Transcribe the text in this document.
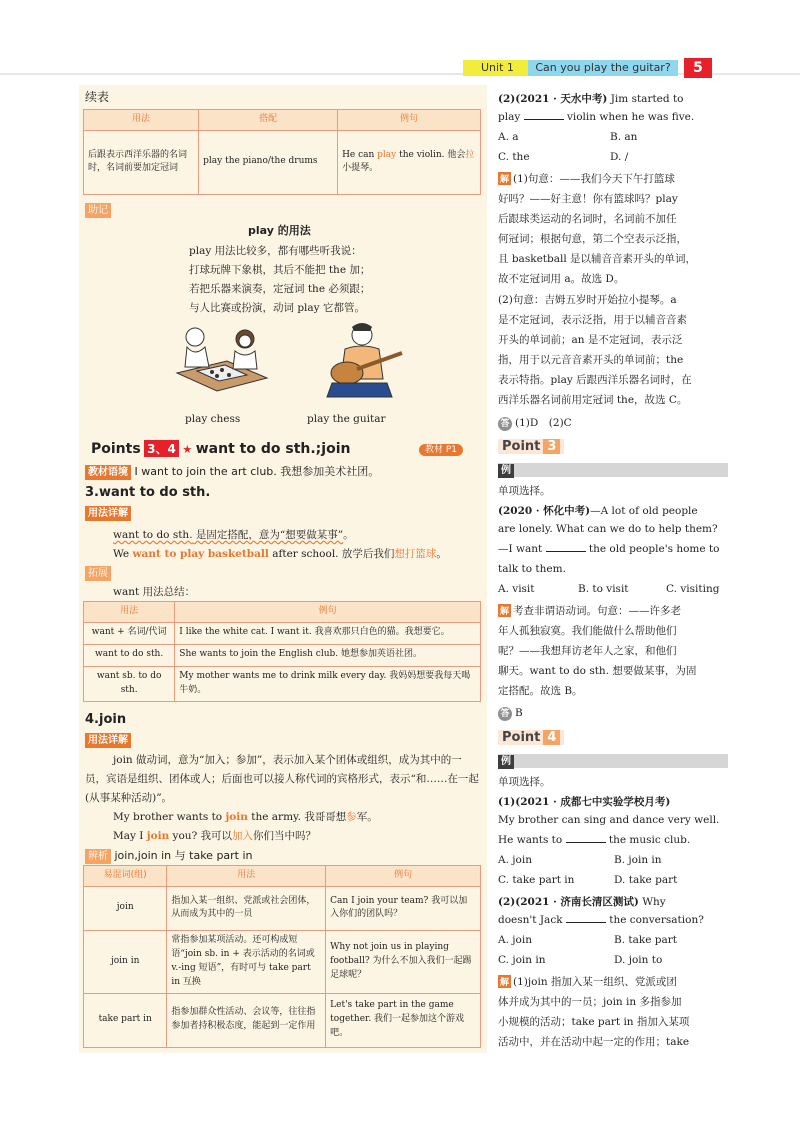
Unit 1	Can you play the guitar?	5
续表
用法	搭配	例句
后跟表示西洋乐器的名词时，名词前要加定冠词	play the piano/the drums	He can play the violin. 他会拉小提琴。
助记
play 的用法
play 用法比较多，都有哪些听我说：
打球玩牌下象棋，其后不能把 the 加；
若把乐器来演奏，定冠词 the 必须跟；
与人比赛或扮演，动词 play 它都管。
play chess	play the guitar
Points 3、4 ★ want to do sth.;join	教材 P1
教材语境 I want to join the art club. 我想参加美术社团。
3.want to do sth.
用法详解
want to do sth. 是固定搭配，意为“想要做某事”。
We want to play basketball after school. 放学后我们想打篮球。
拓展
want 用法总结：
用法	例句
want + 名词/代词	I like the white cat. I want it. 我喜欢那只白色的猫。我想要它。
want to do sth.	She wants to join the English club. 她想参加英语社团。
want sb. to do sth.	My mother wants me to drink milk every day. 我妈妈想要我每天喝牛奶。
4.join
用法详解
join 做动词，意为“加入；参加”，表示加入某个团体或组织，成为其中的一员，宾语是组织、团体或人；后面也可以接人称代词的宾格形式，表示“和……在一起(从事某种活动)”。
My brother wants to join the army. 我哥哥想参军。
May I join you? 我可以加入你们当中吗？
辨析 join,join in 与 take part in
易混词(组)	用法	例句
join	指加入某一组织、党派或社会团体，从而成为其中的一员	Can I join your team? 我可以加入你们的团队吗？
join in	常指参加某项活动。还可构成短语“join sb. in + 表示活动的名词或 v.-ing 短语”，有时可与 take part in 互换	Why not join us in playing football? 为什么不加入我们一起踢足球呢？
take part in	指参加群众性活动、会议等，往往指参加者持积极态度，能起到一定作用	Let's take part in the game together. 我们一起参加这个游戏吧。
(2)(2021 · 天水中考) Jim started to
play	violin when he was five.
A. a	B. an
C. the	D. /
解 (1)句意：——我们今天下午打篮球
好吗？——好主意！你有篮球吗？play
后跟球类运动的名词时，名词前不加任
何冠词；根据句意，第二个空表示泛指，
且 basketball 是以辅音音素开头的单词，
故不定冠词用 a。故选 D。
(2)句意：吉姆五岁时开始拉小提琴。a
是不定冠词，表示泛指，用于以辅音音素
开头的单词前；an 是不定冠词，表示泛
指，用于以元音音素开头的单词前；the
表示特指。play 后跟西洋乐器名词时，在
西洋乐器名词前用定冠词 the，故选 C。
答 (1)D　(2)C
Point 3
例
单项选择。
(2020 · 怀化中考)—A lot of old people
are lonely. What can we do to help them?
—I want	the old people's home to
talk to them.
A. visit	B. to visit	C. visiting
解 考查非谓语动词。句意：——许多老
年人孤独寂寞。我们能做什么帮助他们
呢？——我想拜访老年人之家，和他们
聊天。want to do sth. 想要做某事，为固
定搭配。故选 B。
答 B
Point 4
例
单项选择。
(1)(2021 · 成都七中实验学校月考)
My brother can sing and dance very well.
He wants to	the music club.
A. join	B. join in
C. take part in	D. take part
(2)(2021 · 济南长清区测试) Why
doesn't Jack	the conversation?
A. join	B. take part
C. join in	D. join to
解 (1)join 指加入某一组织、党派或团
体并成为其中的一员；join in 多指参加
小规模的活动；take part in 指加入某项
活动中，并在活动中起一定的作用；take
